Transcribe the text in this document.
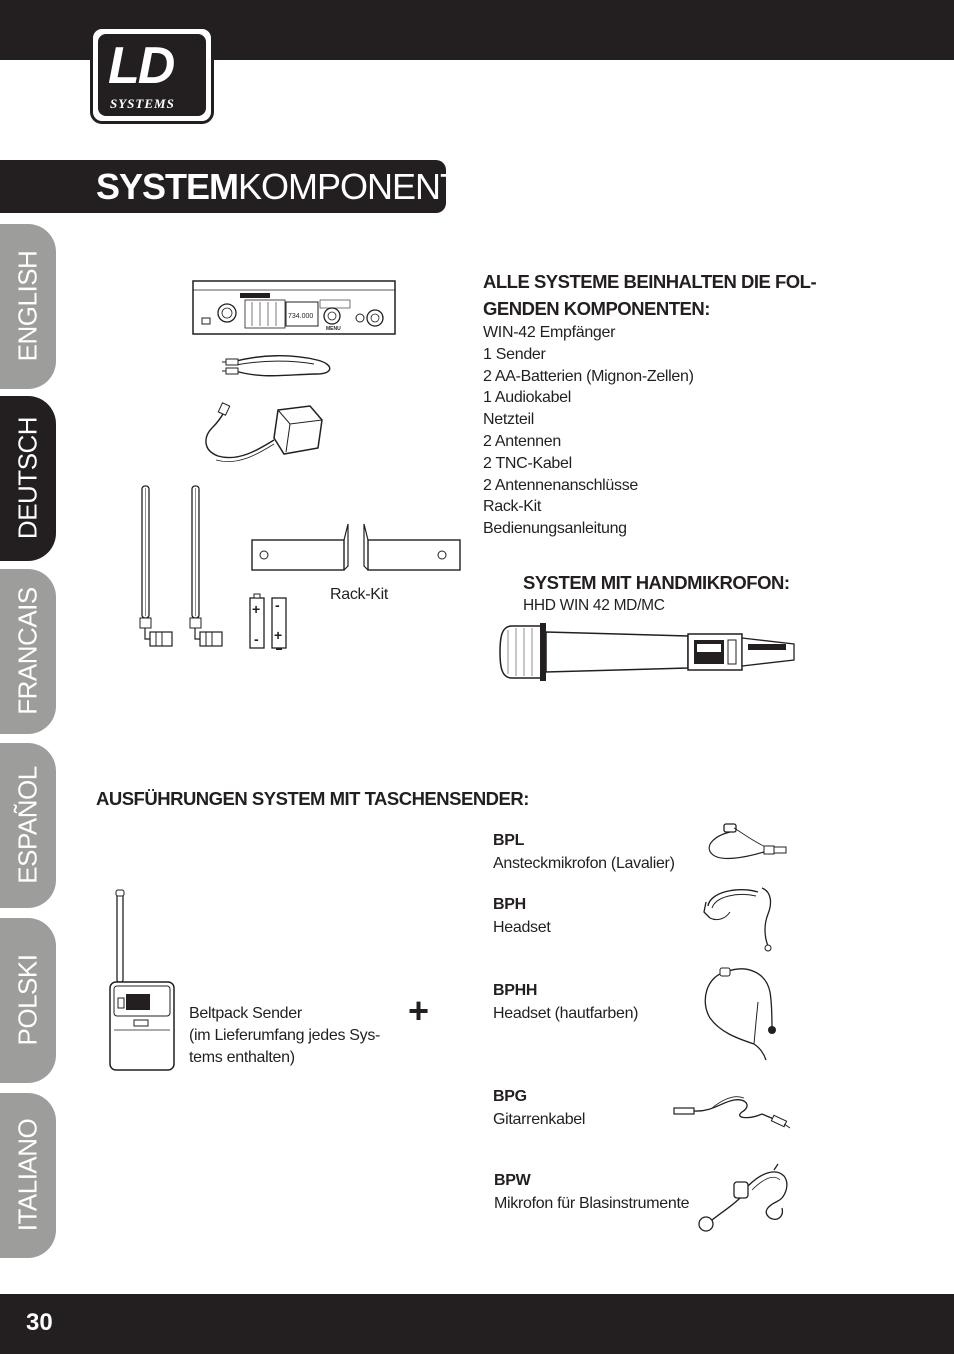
LD
SYSTEMS
SYSTEMKOMPONENTEN:
ENGLISH
DEUTSCH
FRANCAIS
ESPAÑOL
POLSKI
ITALIANO
734.000
MENU
Rack-Kit
+
-
-
+
ALLE SYSTEME BEINHALTEN DIE FOL-
GENDEN KOMPONENTEN:
WIN-42 Empfänger
1 Sender
2 AA-Batterien (Mignon-Zellen)
1 Audiokabel
Netzteil
2 Antennen
2 TNC-Kabel
2 Antennenanschlüsse
Rack-Kit
Bedienungsanleitung
SYSTEM MIT HANDMIKROFON:
HHD WIN 42 MD/MC
AUSFÜHRUNGEN SYSTEM MIT TASCHENSENDER:
Beltpack Sender
(im Lieferumfang jedes Sys-
tems enthalten)
+
BPL
Ansteckmikrofon (Lavalier)
BPH
Headset
BPHH
Headset (hautfarben)
BPG
Gitarrenkabel
BPW
Mikrofon für Blasinstrumente
30
